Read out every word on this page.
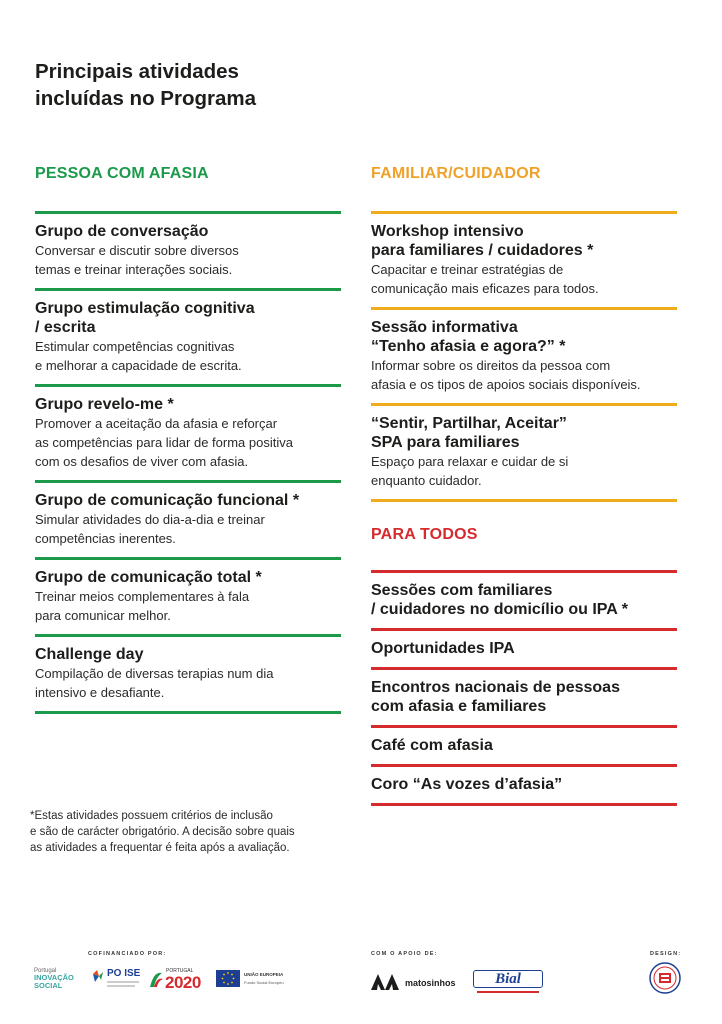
Principais atividades
incluídas no Programa
PESSOA COM AFASIA
Grupo de conversação
Conversar e discutir sobre diversos
temas e treinar interações sociais.
Grupo estimulação cognitiva
/ escrita
Estimular competências cognitivas
e melhorar a capacidade de escrita.
Grupo revelo-me *
Promover a aceitação da afasia e reforçar
as competências para lidar de forma positiva
com os desafios de viver com afasia.
Grupo de comunicação funcional *
Simular atividades do dia-a-dia e treinar
competências inerentes.
Grupo de comunicação total *
Treinar meios complementares à fala
para comunicar melhor.
Challenge day
Compilação de diversas terapias num dia
intensivo e desafiante.
FAMILIAR/CUIDADOR
Workshop intensivo
para familiares / cuidadores *
Capacitar e treinar estratégias de
comunicação mais eficazes para todos.
Sessão informativa
“Tenho afasia e agora?” *
Informar sobre os direitos da pessoa com
afasia e os tipos de apoios sociais disponíveis.
“Sentir, Partilhar, Aceitar”
SPA para familiares
Espaço para relaxar e cuidar de si
enquanto cuidador.
PARA TODOS
Sessões com familiares
/ cuidadores no domicílio ou IPA *
Oportunidades IPA
Encontros nacionais de pessoas
com afasia e familiares
Café com afasia
Coro “As vozes d’afasia”
*Estas atividades possuem critérios de inclusão
e são de carácter obrigatório. A decisão sobre quais
as atividades a frequentar é feita após a avaliação.
COFINANCIADO POR:	COM O APOIO DE:	DESIGN:
Portugal
INOVAÇÃO
SOCIAL
PO ISE	PORTUGAL
2020	UNIÃO EUROPEIA
Fundo Social Europeu	matosinhos	Bial
